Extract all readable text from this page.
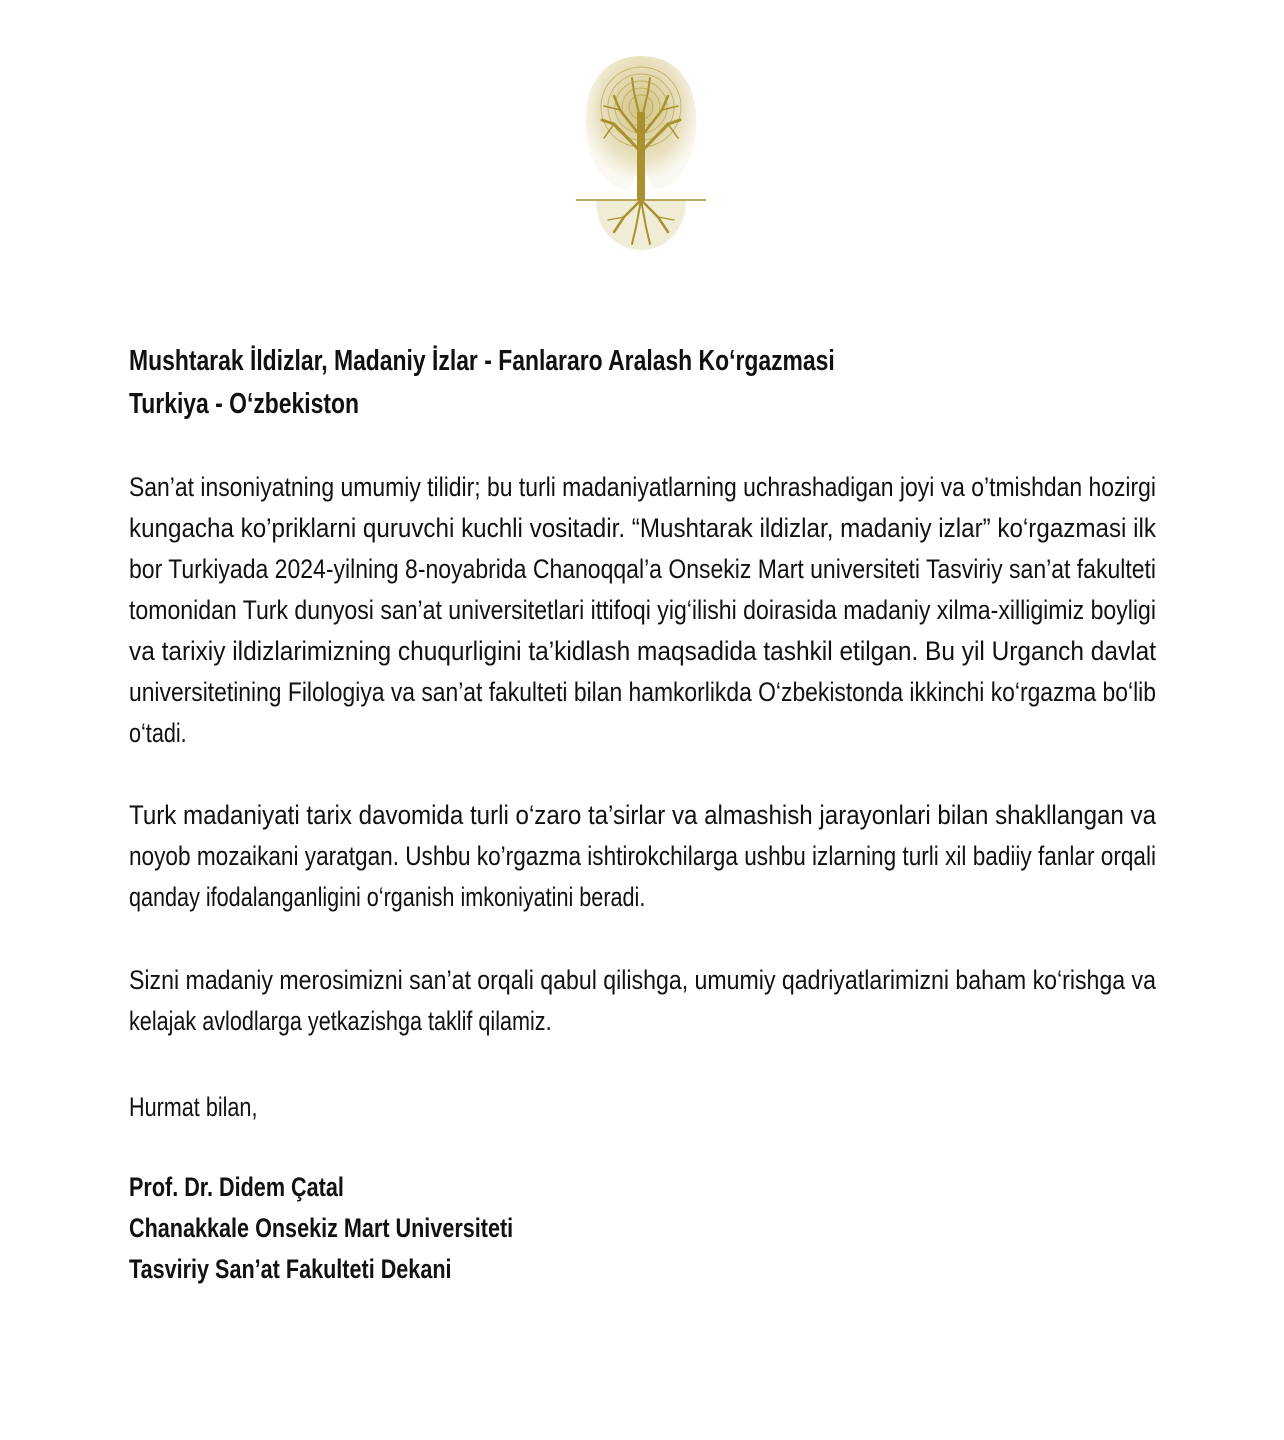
Mushtarak İldizlar, Madaniy İzlar - Fanlararo Aralash Ko‘rgazmasi
Turkiya - O‘zbekiston
San’at insoniyatning umumiy tilidir; bu turli madaniyatlarning uchrashadigan joyi va o’tmishdan hozirgi
kungacha ko’priklarni quruvchi kuchli vositadir. “Mushtarak ildizlar, madaniy izlar” ko‘rgazmasi ilk
bor Turkiyada 2024-yilning 8-noyabrida Chanoqqal’a Onsekiz Mart universiteti Tasviriy san’at fakulteti
tomonidan Turk dunyosi san’at universitetlari ittifoqi yig‘ilishi doirasida madaniy xilma-xilligimiz boyligi
va tarixiy ildizlarimizning chuqurligini ta’kidlash maqsadida tashkil etilgan. Bu yil Urganch davlat
universitetining Filologiya va san’at fakulteti bilan hamkorlikda O‘zbekistonda ikkinchi ko‘rgazma bo‘lib
o‘tadi.
Turk madaniyati tarix davomida turli o‘zaro ta’sirlar va almashish jarayonlari bilan shakllangan va
noyob mozaikani yaratgan. Ushbu ko’rgazma ishtirokchilarga ushbu izlarning turli xil badiiy fanlar orqali
qanday ifodalanganligini o‘rganish imkoniyatini beradi.
Sizni madaniy merosimizni san’at orqali qabul qilishga, umumiy qadriyatlarimizni baham ko‘rishga va
kelajak avlodlarga yetkazishga taklif qilamiz.
Hurmat bilan,
Prof. Dr. Didem Çatal
Chanakkale Onsekiz Mart Universiteti
Tasviriy San’at Fakulteti Dekani
